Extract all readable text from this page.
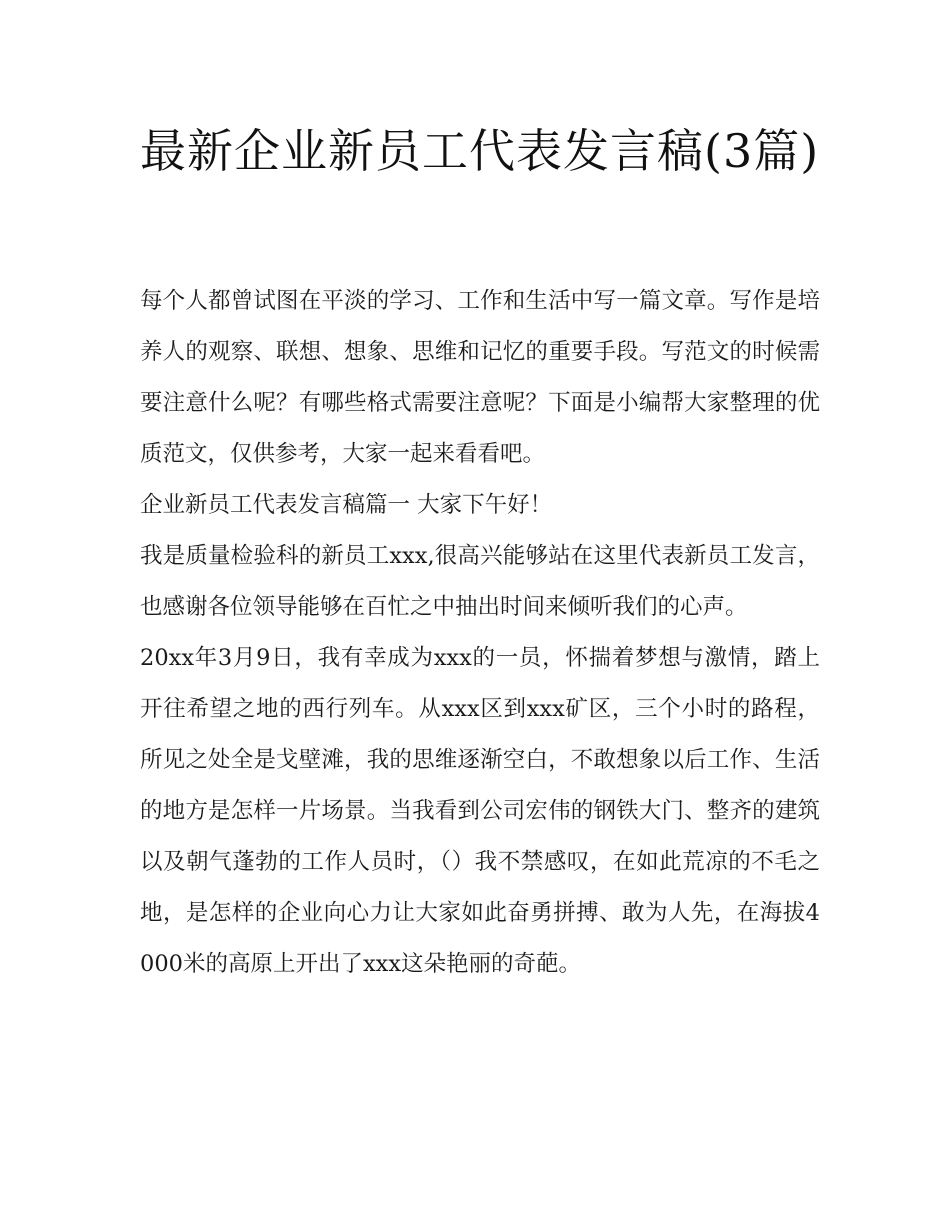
最新企业新员工代表发言稿(3篇)

每个人都曾试图在平淡的学习、工作和生活中写一篇文章。写作是培养人的观察、联想、想象、思维和记忆的重要手段。写范文的时候需要注意什么呢？有哪些格式需要注意呢？下面是小编帮大家整理的优质范文，仅供参考，大家一起来看看吧。

企业新员工代表发言稿篇一 大家下午好！

我是质量检验科的新员工xxx,很高兴能够站在这里代表新员工发言，也感谢各位领导能够在百忙之中抽出时间来倾听我们的心声。

20xx年3月9日，我有幸成为xxx的一员，怀揣着梦想与激情，踏上开往希望之地的西行列车。从xxx区到xxx矿区，三个小时的路程，所见之处全是戈壁滩，我的思维逐渐空白，不敢想象以后工作、生活的地方是怎样一片场景。当我看到公司宏伟的钢铁大门、整齐的建筑以及朝气蓬勃的工作人员时，（）我不禁感叹，在如此荒凉的不毛之地，是怎样的企业向心力让大家如此奋勇拼搏、敢为人先，在海拔4000米的高原上开出了xxx这朵艳丽的奇葩。
